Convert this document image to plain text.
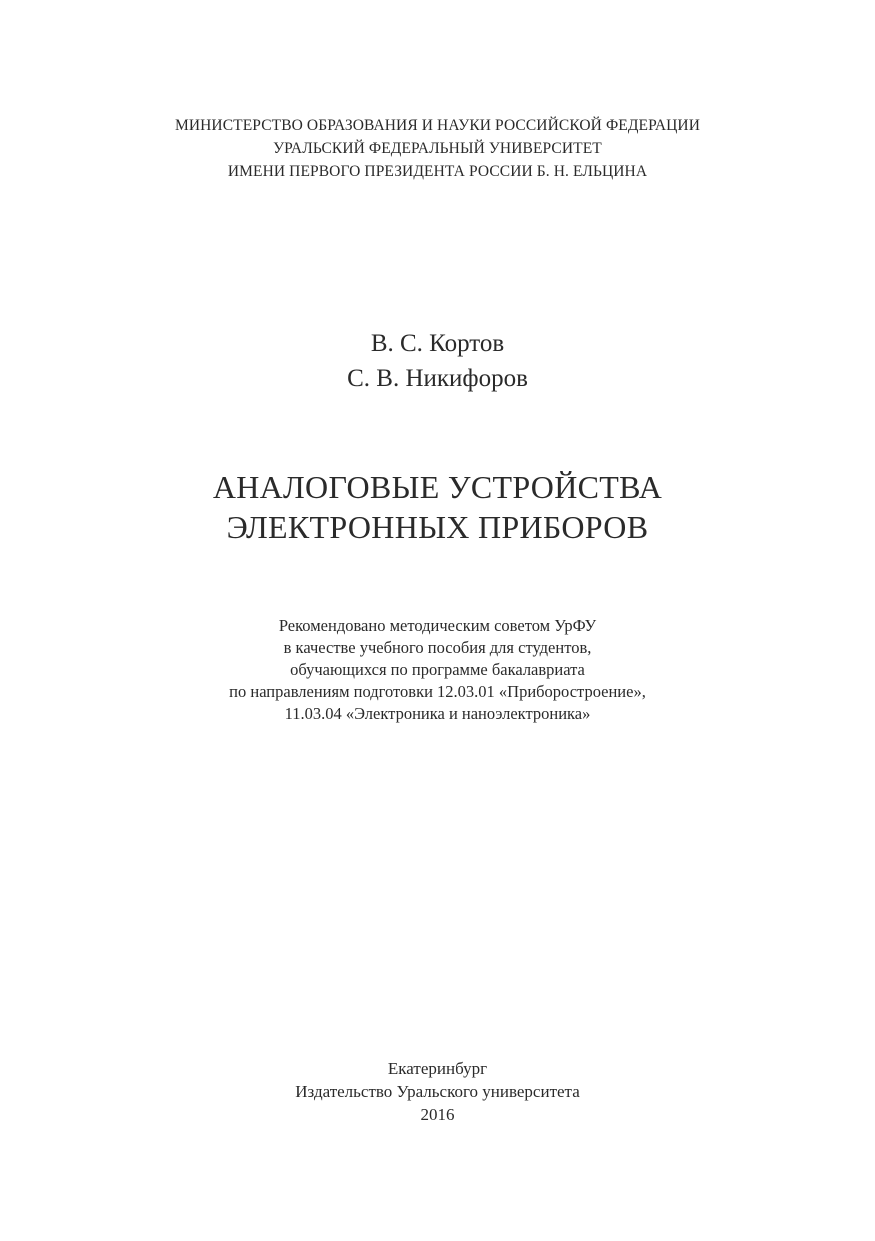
МИНИСТЕРСТВО ОБРАЗОВАНИЯ И НАУКИ РОССИЙСКОЙ ФЕДЕРАЦИИ
УРАЛЬСКИЙ ФЕДЕРАЛЬНЫЙ УНИВЕРСИТЕТ
ИМЕНИ ПЕРВОГО ПРЕЗИДЕНТА РОССИИ Б. Н. ЕЛЬЦИНА
В. С. Кортов
С. В. Никифоров
АНАЛОГОВЫЕ УСТРОЙСТВА
ЭЛЕКТРОННЫХ ПРИБОРОВ
Рекомендовано методическим советом УрФУ
в качестве учебного пособия для студентов,
обучающихся по программе бакалавриата
по направлениям подготовки 12.03.01 «Приборостроение»,
11.03.04 «Электроника и наноэлектроника»
Екатеринбург
Издательство Уральского университета
2016
